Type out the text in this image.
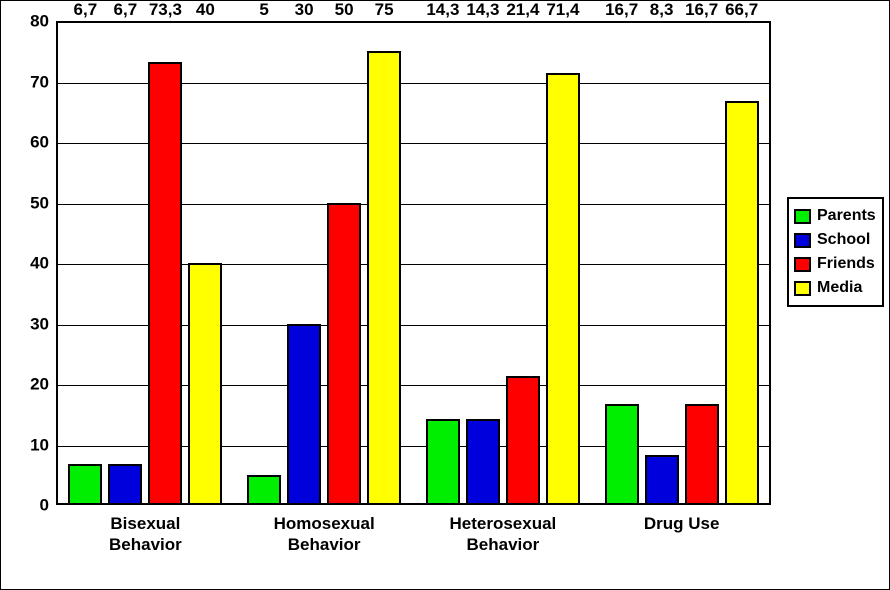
0
10
20
30
40
50
60
70
80
6,7 6,7 73,3 40	5 30 50 75 14,3 14,3 21,4 71,4 16,7 8,3 16,7 66,7
Bisexual
Behavior
Homosexual
Behavior
Heterosexual
Behavior
Drug Use
Parents
School
Friends
Media
